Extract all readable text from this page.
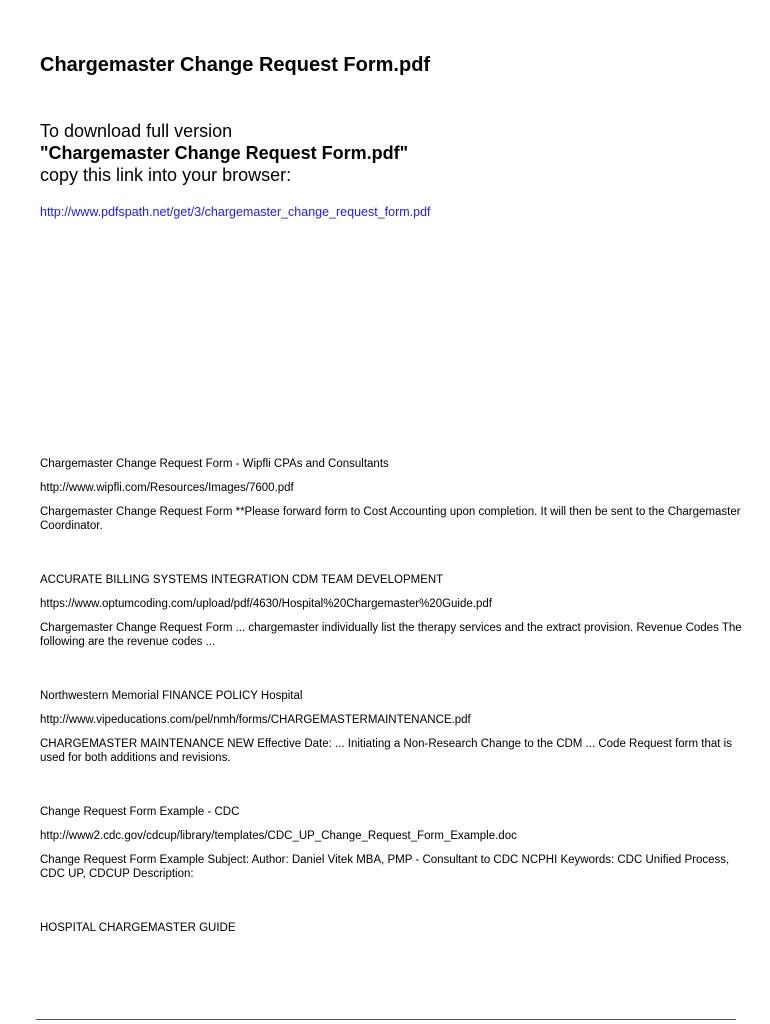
Chargemaster Change Request Form.pdf
To download full version
"Chargemaster Change Request Form.pdf"
copy this link into your browser:
http://www.pdfspath.net/get/3/chargemaster_change_request_form.pdf
Chargemaster Change Request Form - Wipfli CPAs and Consultants
http://www.wipfli.com/Resources/Images/7600.pdf
Chargemaster Change Request Form **Please forward form to Cost Accounting upon completion. It will then be sent to the Chargemaster Coordinator.
ACCURATE BILLING SYSTEMS INTEGRATION CDM TEAM DEVELOPMENT
https://www.optumcoding.com/upload/pdf/4630/Hospital%20Chargemaster%20Guide.pdf
Chargemaster Change Request Form ... chargemaster individually list the therapy services and the extract provision. Revenue Codes The following are the revenue codes ...
Northwestern Memorial FINANCE POLICY Hospital
http://www.vipeducations.com/pel/nmh/forms/CHARGEMASTERMAINTENANCE.pdf
CHARGEMASTER MAINTENANCE NEW Effective Date: ... Initiating a Non-Research Change to the CDM ... Code Request form that is used for both additions and revisions.
Change Request Form Example - CDC
http://www2.cdc.gov/cdcup/library/templates/CDC_UP_Change_Request_Form_Example.doc
Change Request Form Example Subject: Author: Daniel Vitek MBA, PMP - Consultant to CDC NCPHI Keywords: CDC Unified Process, CDC UP, CDCUP Description:
HOSPITAL CHARGEMASTER GUIDE
